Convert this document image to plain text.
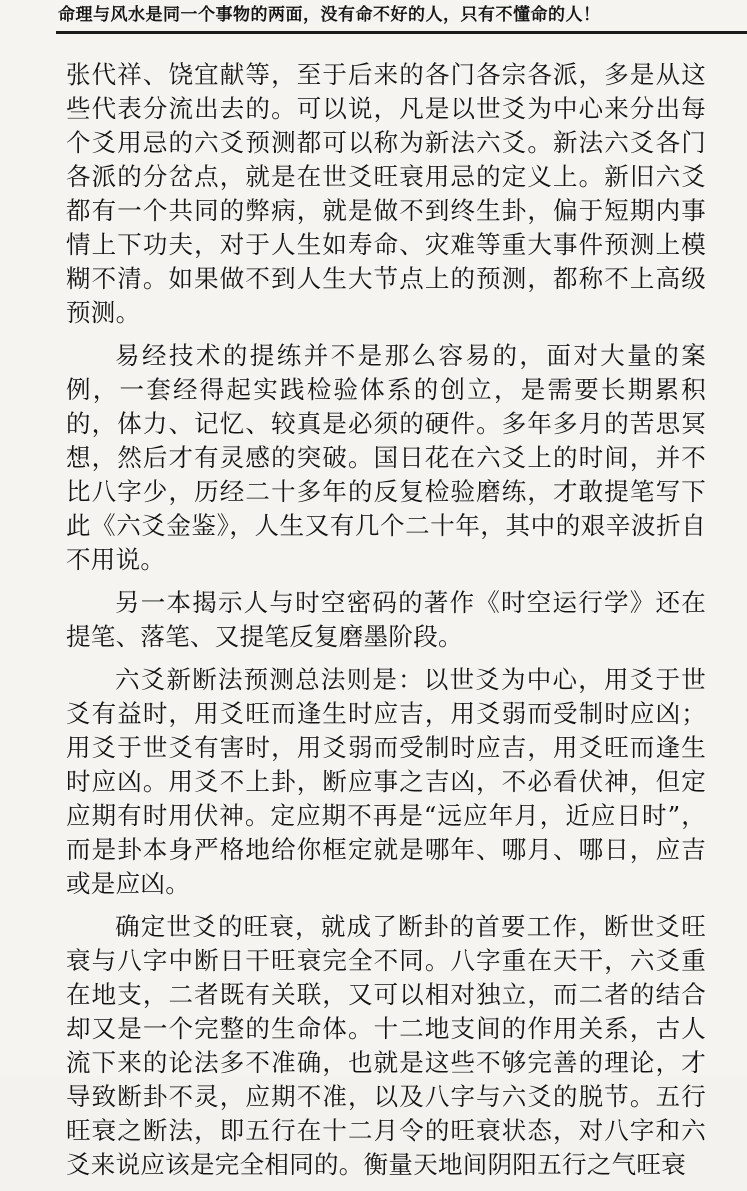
命理与风水是同一个事物的两面，没有命不好的人，只有不懂命的人！

张代祥、饶宜献等，至于后来的各门各宗各派，多是从这些代表分流出去的。可以说，凡是以世爻为中心来分出每个爻用忌的六爻预测都可以称为新法六爻。新法六爻各门各派的分岔点，就是在世爻旺衰用忌的定义上。新旧六爻都有一个共同的弊病，就是做不到终生卦，偏于短期内事情上下功夫，对于人生如寿命、灾难等重大事件预测上模糊不清。如果做不到人生大节点上的预测，都称不上高级预测。

易经技术的提练并不是那么容易的，面对大量的案例，一套经得起实践检验体系的创立，是需要长期累积的，体力、记忆、较真是必须的硬件。多年多月的苦思冥想，然后才有灵感的突破。国日花在六爻上的时间，并不比八字少，历经二十多年的反复检验磨练，才敢提笔写下此《六爻金鉴》，人生又有几个二十年，其中的艰辛波折自不用说。

另一本揭示人与时空密码的著作《时空运行学》还在提笔、落笔、又提笔反复磨墨阶段。

六爻新断法预测总法则是：以世爻为中心，用爻于世爻有益时，用爻旺而逢生时应吉，用爻弱而受制时应凶；用爻于世爻有害时，用爻弱而受制时应吉，用爻旺而逢生时应凶。用爻不上卦，断应事之吉凶，不必看伏神，但定应期有时用伏神。定应期不再是“远应年月，近应日时”，而是卦本身严格地给你框定就是哪年、哪月、哪日，应吉或是应凶。

确定世爻的旺衰，就成了断卦的首要工作，断世爻旺衰与八字中断日干旺衰完全不同。八字重在天干，六爻重在地支，二者既有关联，又可以相对独立，而二者的结合却又是一个完整的生命体。十二地支间的作用关系，古人流下来的论法多不准确，也就是这些不够完善的理论，才导致断卦不灵，应期不准，以及八字与六爻的脱节。五行旺衰之断法，即五行在十二月令的旺衰状态，对八字和六爻来说应该是完全相同的。衡量天地间阴阳五行之气旺衰
